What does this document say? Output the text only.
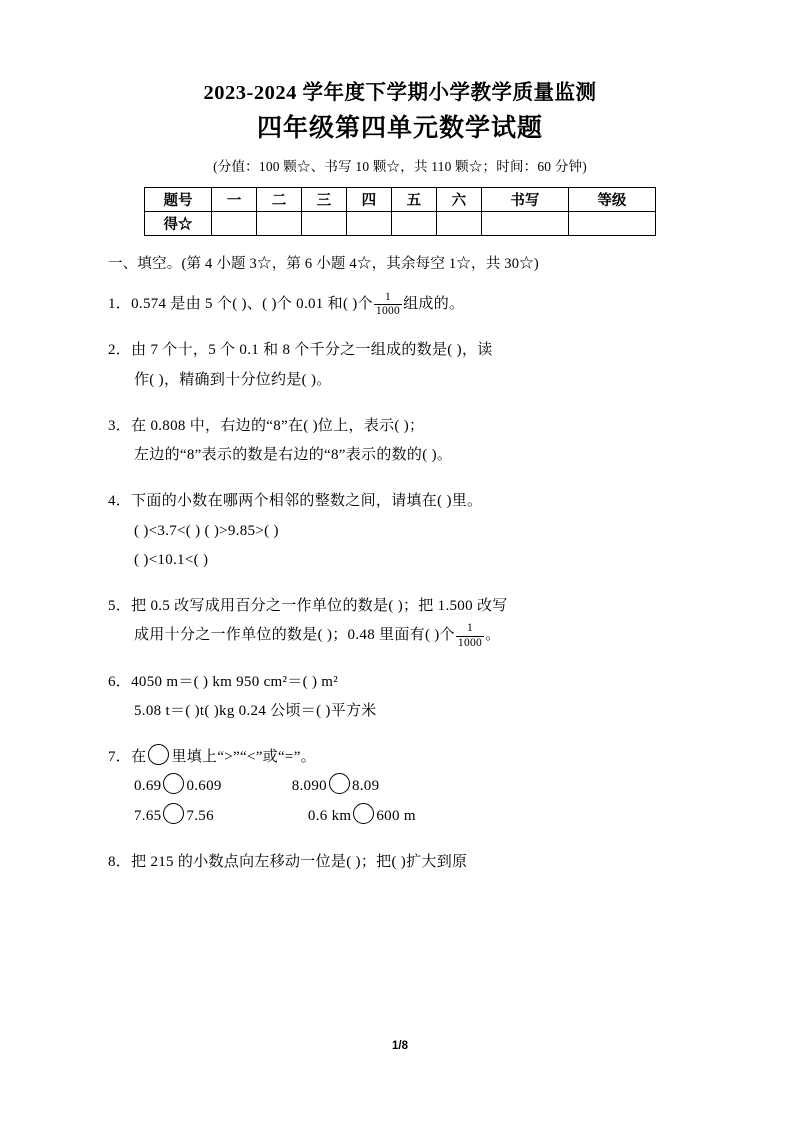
2023-2024 学年度下学期小学教学质量监测
四年级第四单元数学试题
(分值：100 颗☆、书写 10 颗☆，共 110 颗☆；时间：60 分钟)
题号	一	二	三	四	五	六	书写	等级
得☆								
一、填空。(第 4 小题 3☆，第 6 小题 4☆，其余每空 1☆，共 30☆)
1．0.574 是由 5 个( )、( )个 0.01 和( )个 $\frac{1}{1000}$ 组成的。
2．由 7 个十，5 个 0.1 和 8 个千分之一组成的数是( )，读
作( )，精确到十分位约是( )。
3．在 0.808 中，右边的“8”在( )位上，表示( )；
左边的“8”表示的数是右边的“8”表示的数的( )。
4．下面的小数在哪两个相邻的整数之间，请填在( )里。
( )<3.7<( ) ( )>9.85>( )
( )<10.1<( )
5．把 0.5 改写成用百分之一作单位的数是( )；把 1.500 改写
成用十分之一作单位的数是( )；0.48 里面有( )个 $\frac{1}{1000}$ 。
6．4050 m＝( ) km 950 cm²＝( ) m²
5.08 t＝( )t( )kg 0.24 公顷＝( )平方米
7．在 里填上“>”“<”或“=”。
0.69 0.609	8.090 8.09
7.65 7.56	0.6 km 600 m
8．把 215 的小数点向左移动一位是( )；把( )扩大到原
1/8
